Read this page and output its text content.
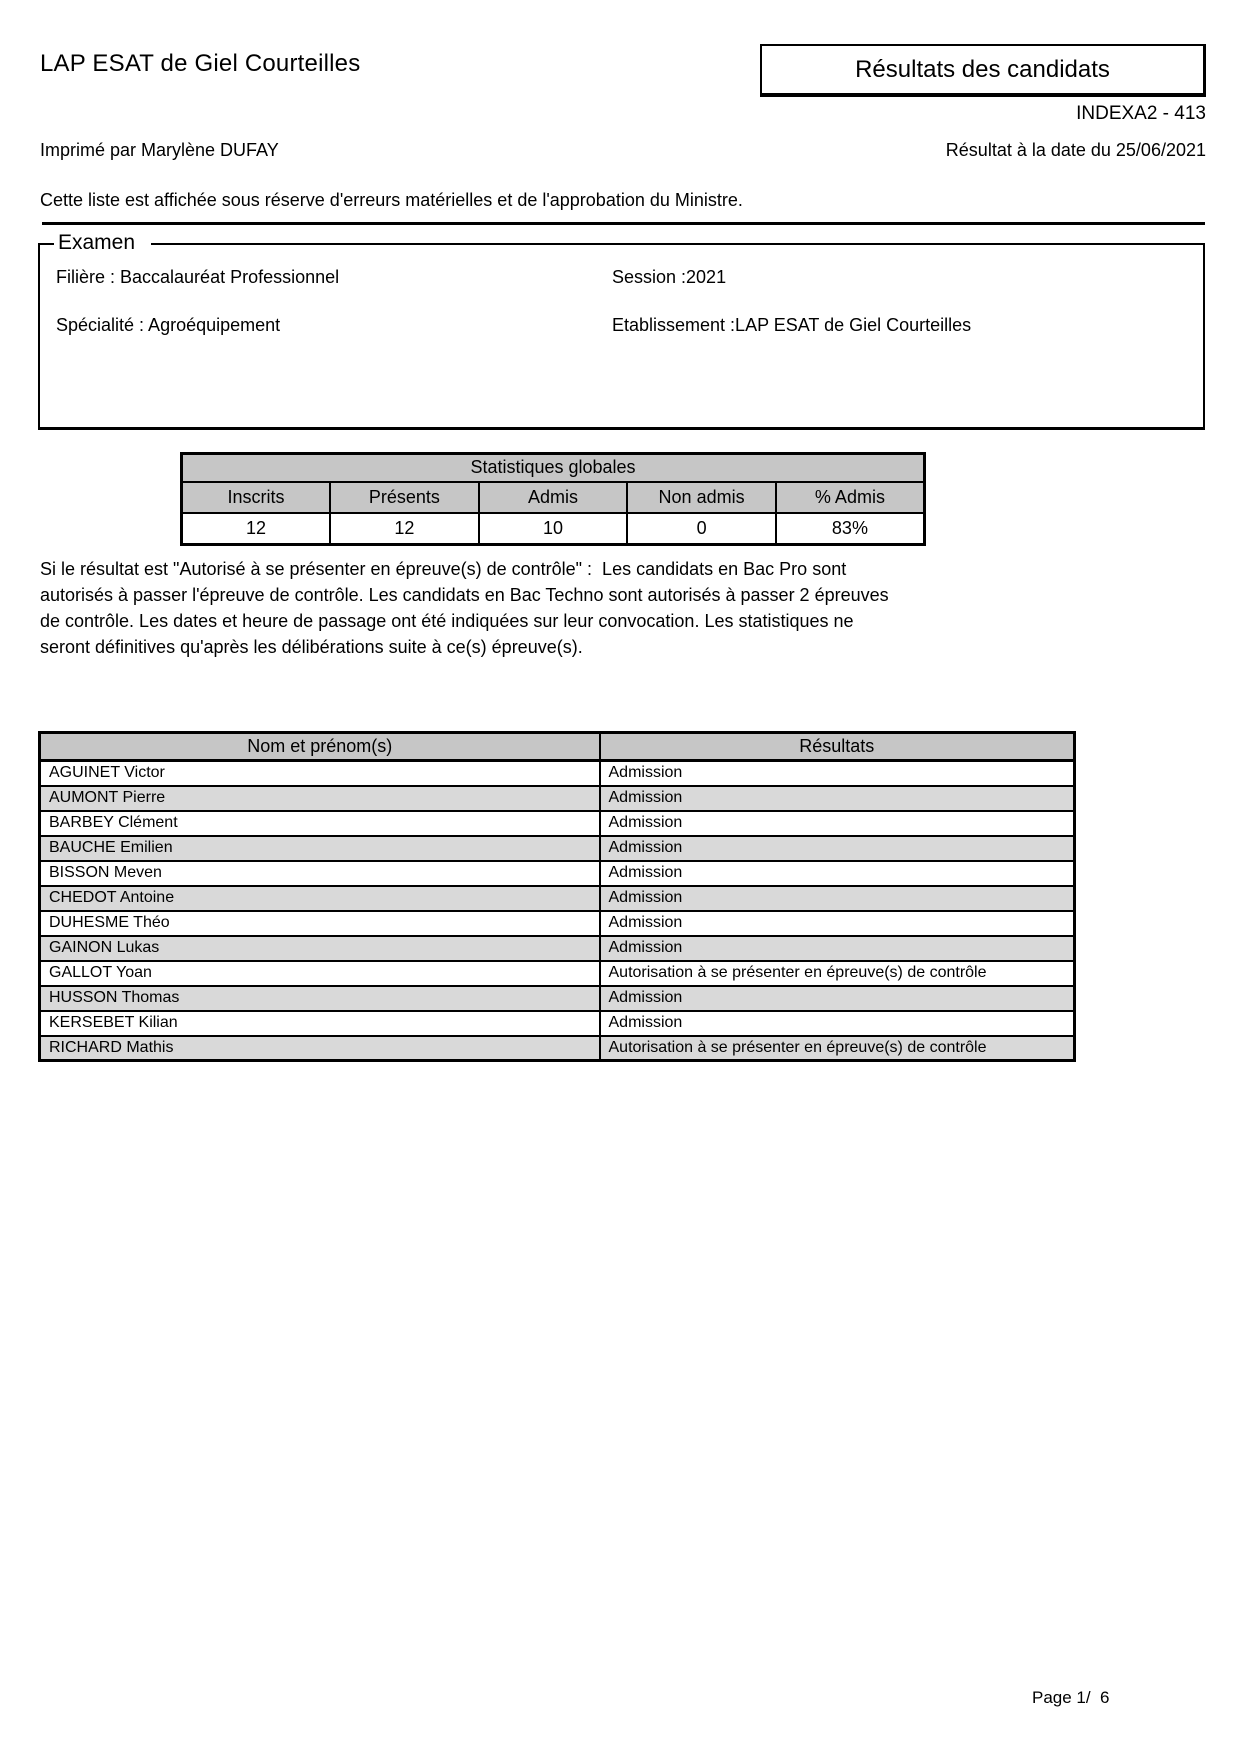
LAP ESAT de Giel Courteilles	Résultats des candidats
INDEXA2 - 413
Imprimé par Marylène DUFAY	Résultat à la date du 25/06/2021
Cette liste est affichée sous réserve d'erreurs matérielles et de l'approbation du Ministre.
Examen
Filière : Baccalauréat Professionnel	Session :2021
Spécialité : Agroéquipement	Etablissement :LAP ESAT de Giel Courteilles
Statistiques globales				
Inscrits	Présents	Admis	Non admis	% Admis
12	12	10	0	83%
Si le résultat est "Autorisé à se présenter en épreuve(s) de contrôle" :  Les candidats en Bac Pro sont
autorisés à passer l'épreuve de contrôle. Les candidats en Bac Techno sont autorisés à passer 2 épreuves
de contrôle. Les dates et heure de passage ont été indiquées sur leur convocation. Les statistiques ne
seront définitives qu'après les délibérations suite à ce(s) épreuve(s).
Nom et prénom(s)	Résultats
AGUINET Victor	Admission
AUMONT Pierre	Admission
BARBEY Clément	Admission
BAUCHE Emilien	Admission
BISSON Meven	Admission
CHEDOT Antoine	Admission
DUHESME Théo	Admission
GAINON Lukas	Admission
GALLOT Yoan	Autorisation à se présenter en épreuve(s) de contrôle
HUSSON Thomas	Admission
KERSEBET Kilian	Admission
RICHARD Mathis	Autorisation à se présenter en épreuve(s) de contrôle
Page 1/  6
